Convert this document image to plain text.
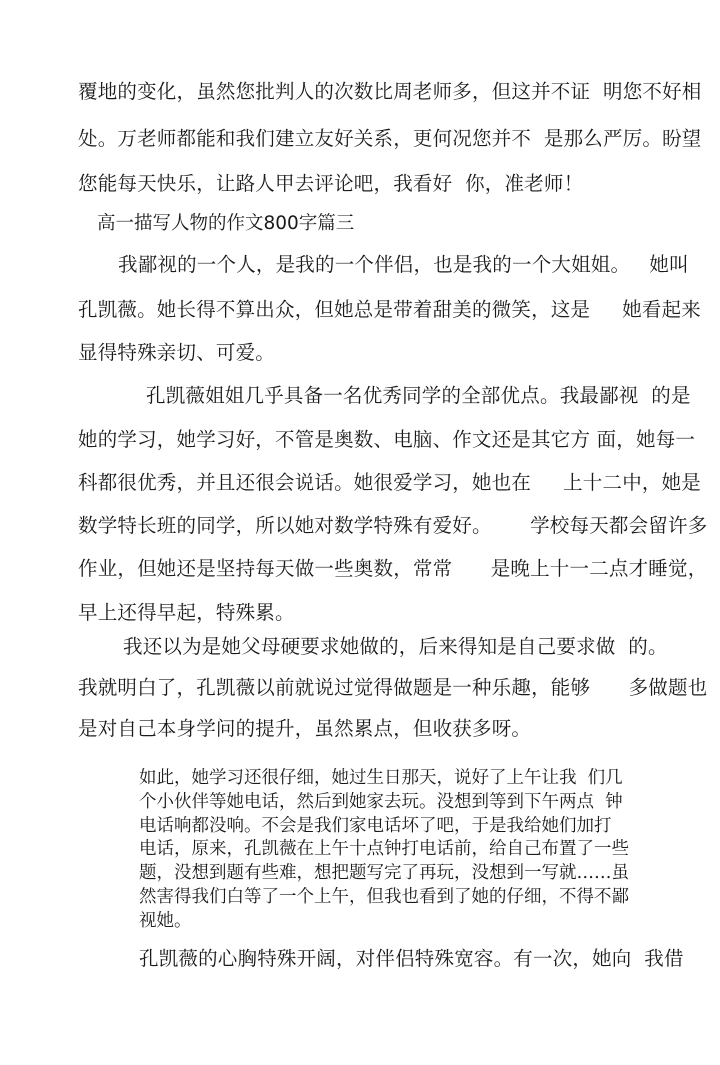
覆地的变化，虽然您批判人的次数比周老师多，但这并不证  明您不好相
处。万老师都能和我们建立友好关系，更何况您并不  是那么严厉。盼望
您能每天快乐，让路人甲去评论吧，我看好  你，准老师！
高一描写人物的作文800字篇三
我鄙视的一个人，是我的一个伴侣，也是我的一个大姐姐。   她叫
孔凯薇。她长得不算出众，但她总是带着甜美的微笑，这是     她看起来
显得特殊亲切、可爱。
孔凯薇姐姐几乎具备一名优秀同学的全部优点。我最鄙视  的是
她的学习，她学习好，不管是奥数、电脑、作文还是其它方 面，她每一
科都很优秀，并且还很会说话。她很爱学习，她也在     上十二中，她是
数学特长班的同学，所以她对数学特殊有爱好。      学校每天都会留许多
作业，但她还是坚持每天做一些奥数，常常      是晚上十一二点才睡觉，
早上还得早起，特殊累。
我还以为是她父母硬要求她做的，后来得知是自己要求做  的。
我就明白了，孔凯薇以前就说过觉得做题是一种乐趣，能够      多做题也
是对自己本身学问的提升，虽然累点，但收获多呀。
如此，她学习还很仔细，她过生日那天，说好了上午让我  们几
个小伙伴等她电话，然后到她家去玩。没想到等到下午两点  钟
电话响都没响。不会是我们家电话坏了吧，于是我给她们加打
电话，原来，孔凯薇在上午十点钟打电话前，给自己布置了一些
题，没想到题有些难，想把题写完了再玩，没想到一写就……虽
然害得我们白等了一个上午，但我也看到了她的仔细，不得不鄙
视她。
孔凯薇的心胸特殊开阔，对伴侣特殊宽容。有一次，她向  我借
